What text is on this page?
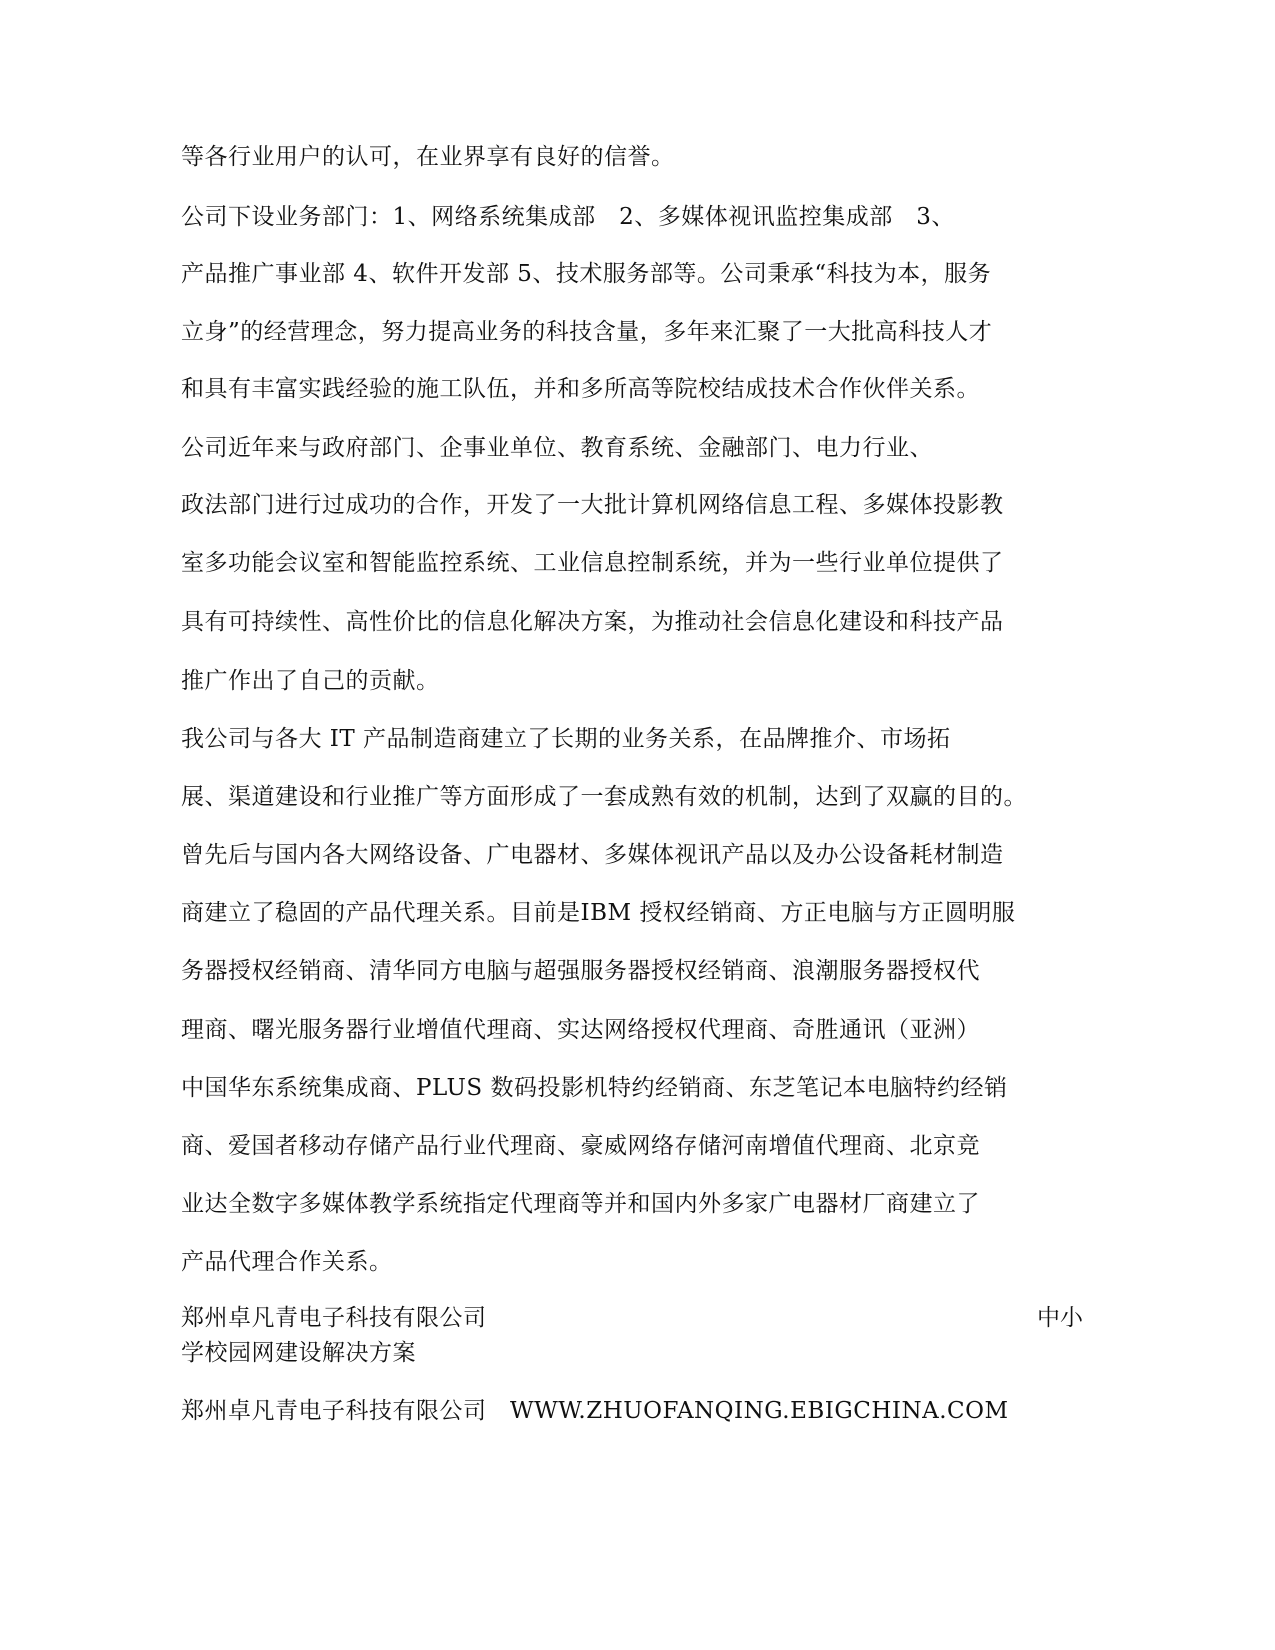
等各行业用户的认可，在业界享有良好的信誉。
公司下设业务部门：1、网络系统集成部　2、多媒体视讯监控集成部　3、
产品推广事业部 4、软件开发部 5、技术服务部等。公司秉承“科技为本，服务
立身”的经营理念，努力提高业务的科技含量，多年来汇聚了一大批高科技人才
和具有丰富实践经验的施工队伍，并和多所高等院校结成技术合作伙伴关系。
公司近年来与政府部门、企事业单位、教育系统、金融部门、电力行业、
政法部门进行过成功的合作，开发了一大批计算机网络信息工程、多媒体投影教
室多功能会议室和智能监控系统、工业信息控制系统，并为一些行业单位提供了
具有可持续性、高性价比的信息化解决方案，为推动社会信息化建设和科技产品
推广作出了自己的贡献。
我公司与各大 IT 产品制造商建立了长期的业务关系，在品牌推介、市场拓
展、渠道建设和行业推广等方面形成了一套成熟有效的机制，达到了双赢的目的。
曾先后与国内各大网络设备、广电器材、多媒体视讯产品以及办公设备耗材制造
商建立了稳固的产品代理关系。目前是IBM 授权经销商、方正电脑与方正圆明服
务器授权经销商、清华同方电脑与超强服务器授权经销商、浪潮服务器授权代
理商、曙光服务器行业增值代理商、实达网络授权代理商、奇胜通讯（亚洲）
中国华东系统集成商、PLUS 数码投影机特约经销商、东芝笔记本电脑特约经销
商、爱国者移动存储产品行业代理商、豪威网络存储河南增值代理商、北京竞
业达全数字多媒体教学系统指定代理商等并和国内外多家广电器材厂商建立了
产品代理合作关系。
郑州卓凡青电子科技有限公司	中小
学校园网建设解决方案
郑州卓凡青电子科技有限公司　WWW.ZHUOFANQING.EBIGCHINA.COM
